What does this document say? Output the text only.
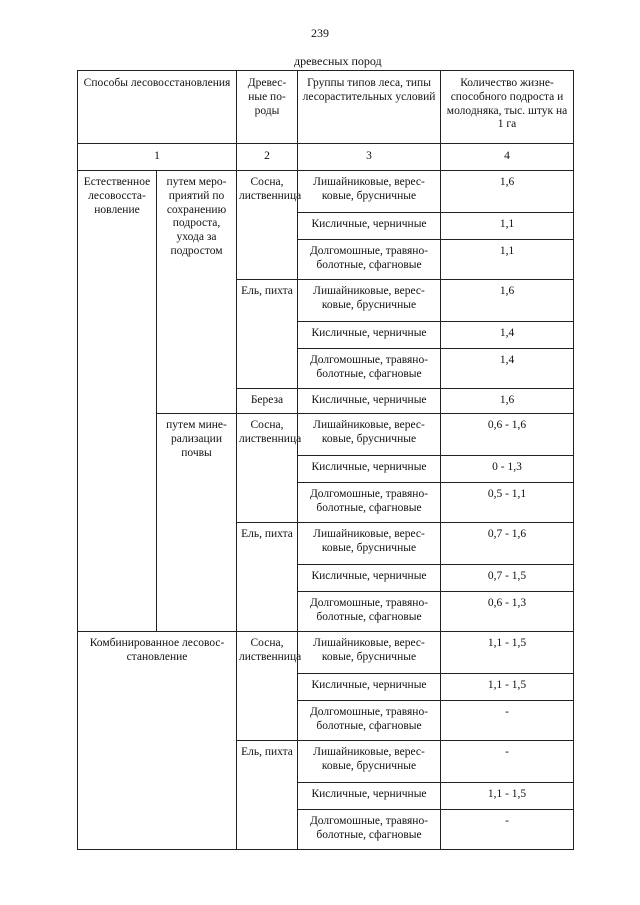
239
древесных пород
Способы лесовосстановления		Древес-ные по-роды	Группы типов леса, типы лесорастительных условий	Количество жизне-способного подроста и молодняка, тыс. штук на 1 га
1		2	3	4
Естественное лесовосста-новление	путем меро-приятий по сохранению подроста, ухода за подростом	Сосна, лиственница	Лишайниковые, верес-ковые, брусничные	1,6
			Кисличные, черничные	1,1
			Долгомошные, травяно-болотные, сфагновые	1,1
		Ель, пихта	Лишайниковые, верес-ковые, брусничные	1,6
			Кисличные, черничные	1,4
			Долгомошные, травяно-болотные, сфагновые	1,4
		Береза	Кисличные, черничные	1,6
	путем мине-рализации почвы	Сосна, лиственница	Лишайниковые, верес-ковые, брусничные	0,6 - 1,6
			Кисличные, черничные	0 - 1,3
			Долгомошные, травяно-болотные, сфагновые	0,5 - 1,1
		Ель, пихта	Лишайниковые, верес-ковые, брусничные	0,7 - 1,6
			Кисличные, черничные	0,7 - 1,5
			Долгомошные, травяно-болотные, сфагновые	0,6 - 1,3
Комбинированное лесовос-становление		Сосна, лиственница	Лишайниковые, верес-ковые, брусничные	1,1 - 1,5
			Кисличные, черничные	1,1 - 1,5
			Долгомошные, травяно-болотные, сфагновые	-
		Ель, пихта	Лишайниковые, верес-ковые, брусничные	-
			Кисличные, черничные	1,1 - 1,5
			Долгомошные, травяно-болотные, сфагновые	-
